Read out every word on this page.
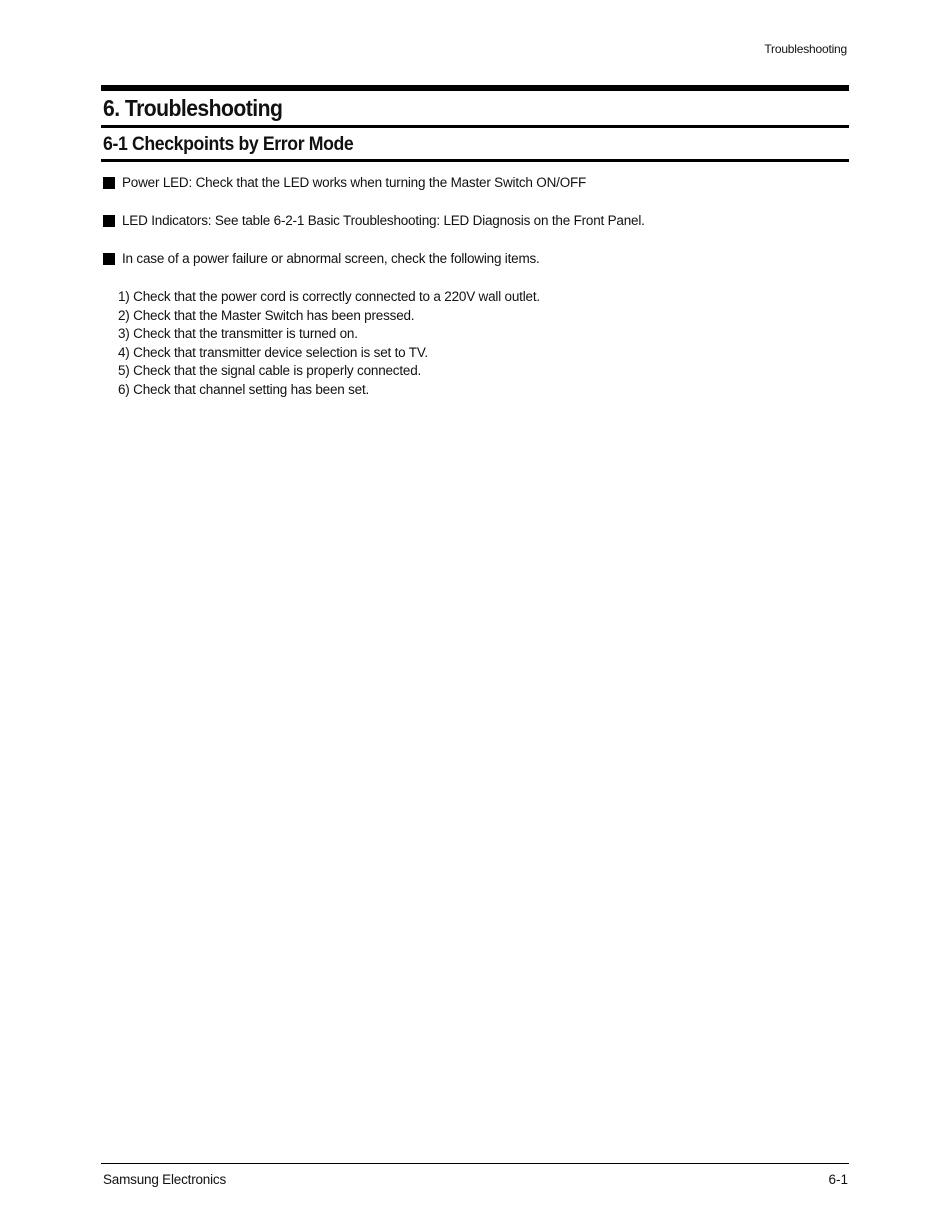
Troubleshooting
6. Troubleshooting
6-1 Checkpoints by Error Mode
Power LED: Check that the LED works when turning the Master Switch ON/OFF
LED Indicators: See table 6-2-1 Basic Troubleshooting: LED Diagnosis on the Front Panel.
In case of a power failure or abnormal screen, check the following items.
1) Check that the power cord is correctly connected to a 220V wall outlet.
2) Check that the Master Switch has been pressed.
3) Check that the transmitter is turned on.
4) Check that transmitter device selection is set to TV.
5) Check that the signal cable is properly connected.
6) Check that channel setting has been set.
Samsung Electronics	6-1
